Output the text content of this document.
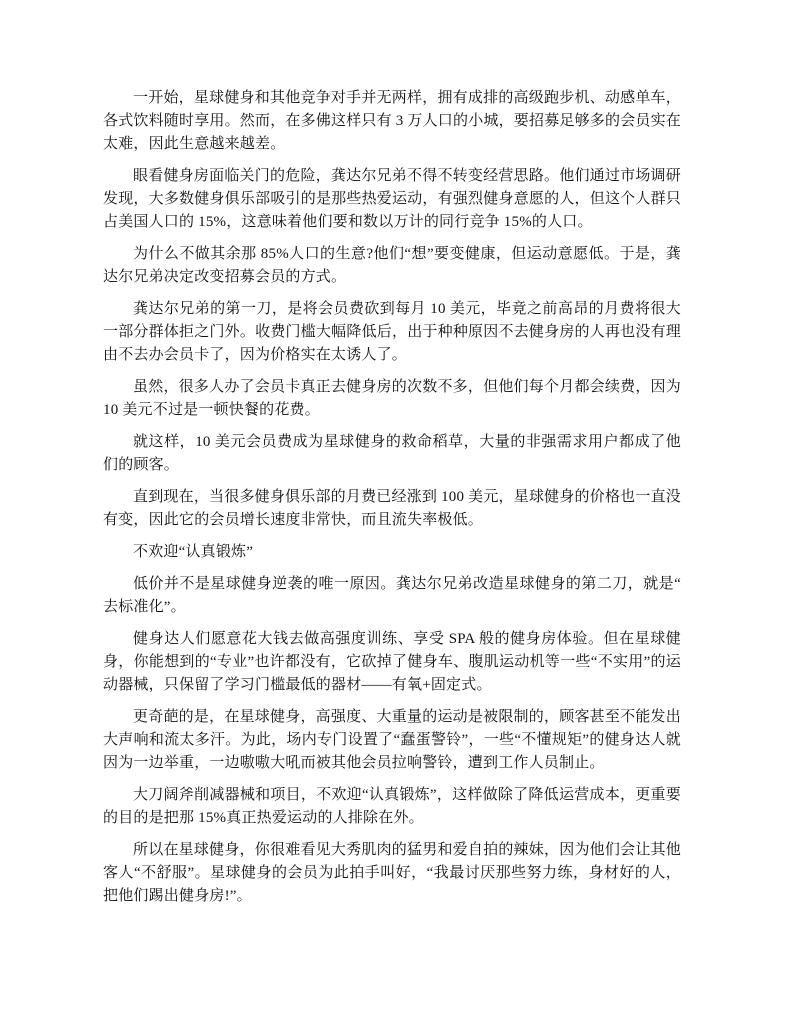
一开始，星球健身和其他竞争对手并无两样，拥有成排的高级跑步机、动感单车，各式饮料随时享用。然而，在多佛这样只有 3 万人口的小城，要招募足够多的会员实在太难，因此生意越来越差。

眼看健身房面临关门的危险，龚达尔兄弟不得不转变经营思路。他们通过市场调研发现，大多数健身俱乐部吸引的是那些热爱运动，有强烈健身意愿的人，但这个人群只占美国人口的 15%，这意味着他们要和数以万计的同行竞争 15%的人口。

为什么不做其余那 85%人口的生意?他们“想”要变健康，但运动意愿低。于是，龚达尔兄弟决定改变招募会员的方式。

龚达尔兄弟的第一刀，是将会员费砍到每月 10 美元，毕竟之前高昂的月费将很大一部分群体拒之门外。收费门槛大幅降低后，出于种种原因不去健身房的人再也没有理由不去办会员卡了，因为价格实在太诱人了。

虽然，很多人办了会员卡真正去健身房的次数不多，但他们每个月都会续费，因为 10 美元不过是一顿快餐的花费。

就这样，10 美元会员费成为星球健身的救命稻草，大量的非强需求用户都成了他们的顾客。

直到现在，当很多健身俱乐部的月费已经涨到 100 美元，星球健身的价格也一直没有变，因此它的会员增长速度非常快，而且流失率极低。

不欢迎“认真锻炼”

低价并不是星球健身逆袭的唯一原因。龚达尔兄弟改造星球健身的第二刀，就是“去标准化”。

健身达人们愿意花大钱去做高强度训练、享受 SPA 般的健身房体验。但在星球健身，你能想到的“专业”也许都没有，它砍掉了健身车、腹肌运动机等一些“不实用”的运动器械，只保留了学习门槛最低的器材——有氧+固定式。

更奇葩的是，在星球健身，高强度、大重量的运动是被限制的，顾客甚至不能发出大声响和流太多汗。为此，场内专门设置了“蠢蛋警铃”，一些“不懂规矩”的健身达人就因为一边举重，一边嗷嗷大吼而被其他会员拉响警铃，遭到工作人员制止。

大刀阔斧削减器械和项目，不欢迎“认真锻炼”，这样做除了降低运营成本，更重要的目的是把那 15%真正热爱运动的人排除在外。

所以在星球健身，你很难看见大秀肌肉的猛男和爱自拍的辣妹，因为他们会让其他客人“不舒服”。星球健身的会员为此拍手叫好，“我最讨厌那些努力练，身材好的人，把他们踢出健身房!”。
